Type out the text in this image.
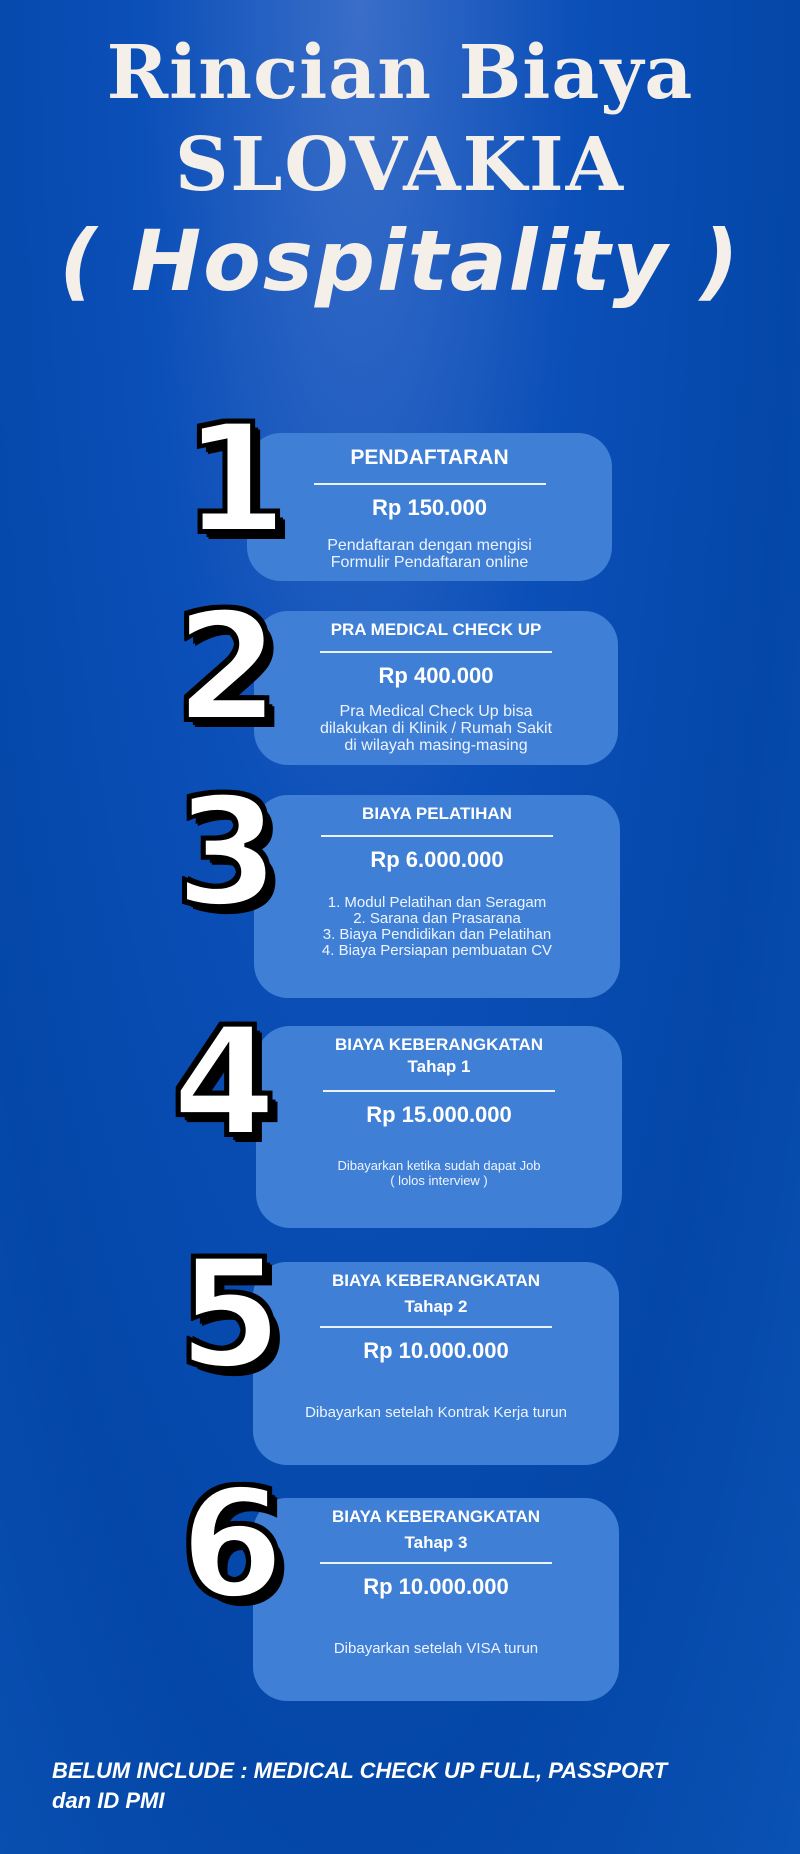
Rincian Biaya
SLOVAKIA
( Hospitality )
PENDAFTARAN
Rp 150.000
Pendaftaran dengan mengisi
Formulir Pendaftaran online
1
PRA MEDICAL CHECK UP
Rp 400.000
Pra Medical Check Up bisa
dilakukan di Klinik / Rumah Sakit
di wilayah masing-masing
2
BIAYA PELATIHAN
Rp 6.000.000
1. Modul Pelatihan dan Seragam
2. Sarana dan Prasarana
3. Biaya Pendidikan dan Pelatihan
4. Biaya Persiapan pembuatan CV
3
BIAYA KEBERANGKATAN
Tahap 1
Rp 15.000.000
Dibayarkan ketika sudah dapat Job
( lolos interview )
4
BIAYA KEBERANGKATAN
Tahap 2
Rp 10.000.000
Dibayarkan setelah Kontrak Kerja turun
5
BIAYA KEBERANGKATAN
Tahap 3
Rp 10.000.000
Dibayarkan setelah VISA turun
6
BELUM INCLUDE : MEDICAL CHECK UP FULL, PASSPORT
dan ID PMI
